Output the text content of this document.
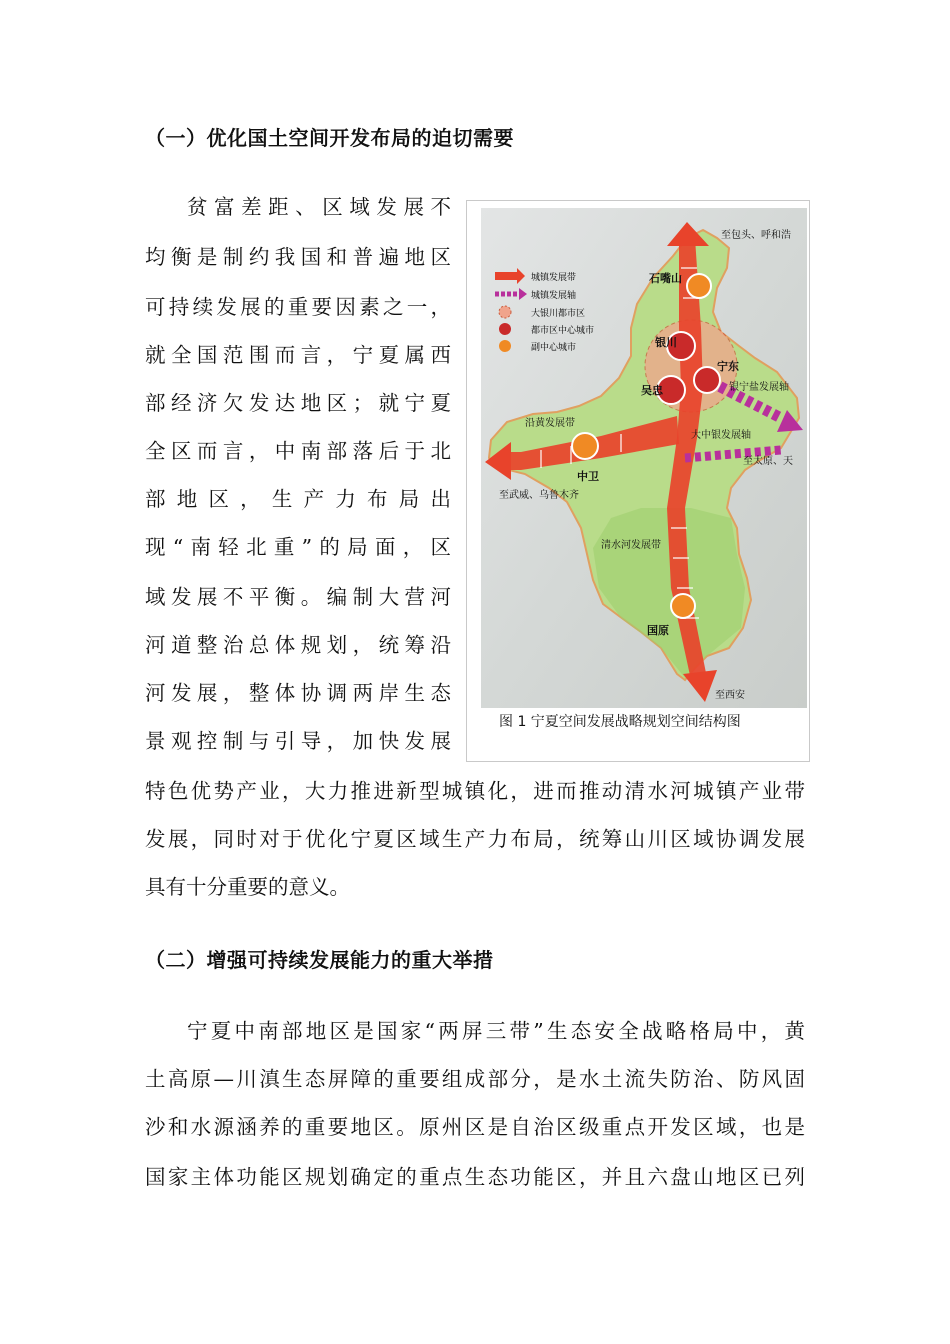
（一）优化国土空间开发布局的迫切需要
贫富差距、区域发展不
均衡是制约我国和普遍地区
可持续发展的重要因素之一，
就全国范围而言，宁夏属西
部经济欠发达地区；就宁夏
全区而言，中南部落后于北
部地区，生产力布局出
现“南轻北重”的局面，区
域发展不平衡。编制大营河
河道整治总体规划，统筹沿
河发展，整体协调两岸生态
景观控制与引导，加快发展
特色优势产业，大力推进新型城镇化，进而推动清水河城镇产业带
发展，同时对于优化宁夏区域生产力布局，统筹山川区域协调发展
具有十分重要的意义。
城镇发展带
城镇发展轴
大银川都市区
都市区中心城市
副中心城市
石嘴山
银川
宁东
吴忠
中卫
国原
沿黄发展带
清水河发展带
大中银发展轴
银宁盐发展轴
至包头、呼和浩
至武威、乌鲁木齐
至太原、天
至西安
图 1 宁夏空间发展战略规划空间结构图
（二）增强可持续发展能力的重大举措
宁夏中南部地区是国家“两屏三带”生态安全战略格局中，黄
土高原—川滇生态屏障的重要组成部分，是水土流失防治、防风固
沙和水源涵养的重要地区。原州区是自治区级重点开发区域，也是
国家主体功能区规划确定的重点生态功能区，并且六盘山地区已列
